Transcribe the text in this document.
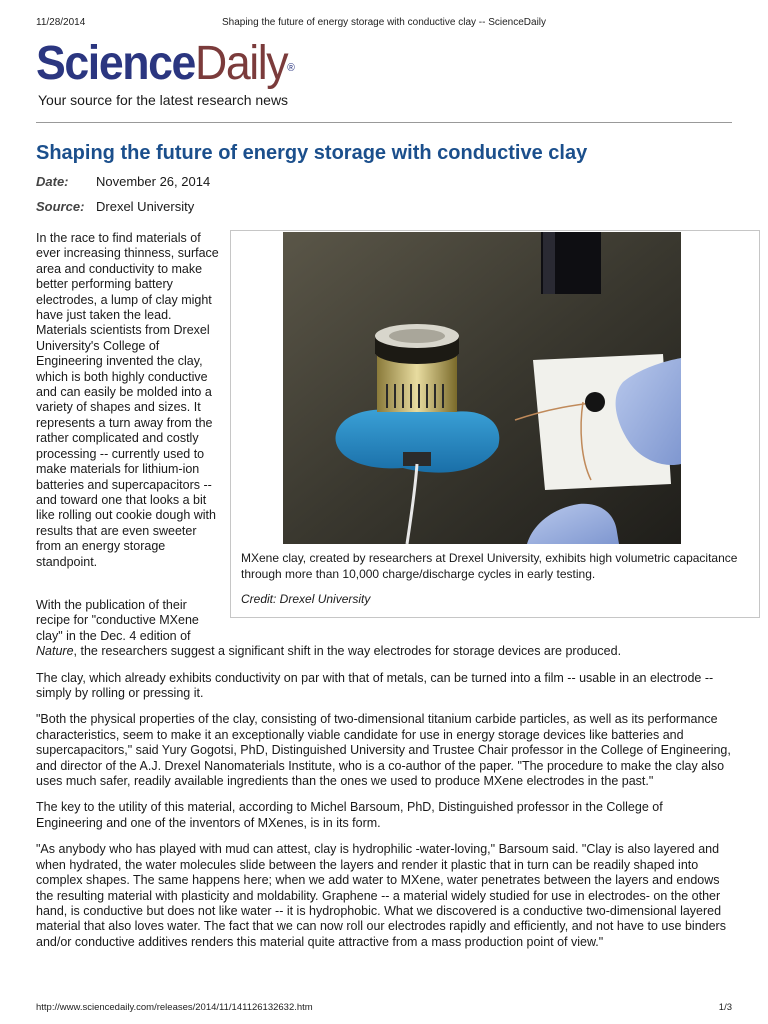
11/28/2014	Shaping the future of energy storage with conductive clay -- ScienceDaily
ScienceDaily®
Your source for the latest research news
Shaping the future of energy storage with conductive clay
Date: November 26, 2014
Source: Drexel University

In the race to find materials of ever increasing thinness, surface area and conductivity to make better performing battery electrodes, a lump of clay might have just taken the lead. Materials scientists from Drexel University's College of Engineering invented the clay, which is both highly conductive and can easily be molded into a variety of shapes and sizes. It represents a turn away from the rather complicated and costly processing -- currently used to make materials for lithium-ion batteries and supercapacitors -- and toward one that looks a bit like rolling out cookie dough with results that are even sweeter from an energy storage standpoint.	MXene clay, created by researchers at Drexel University, exhibits high volumetric capacitance through more than 10,000 charge/discharge cycles in early testing.
Credit: Drexel University

With the publication of their recipe for "conductive MXene clay" in the Dec. 4 edition of

Nature, the researchers suggest a significant shift in the way electrodes for storage devices are produced.

The clay, which already exhibits conductivity on par with that of metals, can be turned into a film -- usable in an electrode -- simply by rolling or pressing it.

"Both the physical properties of the clay, consisting of two-dimensional titanium carbide particles, as well as its performance characteristics, seem to make it an exceptionally viable candidate for use in energy storage devices like batteries and supercapacitors," said Yury Gogotsi, PhD, Distinguished University and Trustee Chair professor in the College of Engineering, and director of the A.J. Drexel Nanomaterials Institute, who is a co-author of the paper. "The procedure to make the clay also uses much safer, readily available ingredients than the ones we used to produce MXene electrodes in the past."

The key to the utility of this material, according to Michel Barsoum, PhD, Distinguished professor in the College of Engineering and one of the inventors of MXenes, is in its form.

"As anybody who has played with mud can attest, clay is hydrophilic -water-loving," Barsoum said. "Clay is also layered and when hydrated, the water molecules slide between the layers and render it plastic that in turn can be readily shaped into complex shapes. The same happens here; when we add water to MXene, water penetrates between the layers and endows the resulting material with plasticity and moldability. Graphene -- a material widely studied for use in electrodes- on the other hand, is conductive but does not like water -- it is hydrophobic. What we discovered is a conductive two-dimensional layered material that also loves water. The fact that we can now roll our electrodes rapidly and efficiently, and not have to use binders and/or conductive additives renders this material quite attractive from a mass production point of view."

http://www.sciencedaily.com/releases/2014/11/141126132632.htm	1/3
